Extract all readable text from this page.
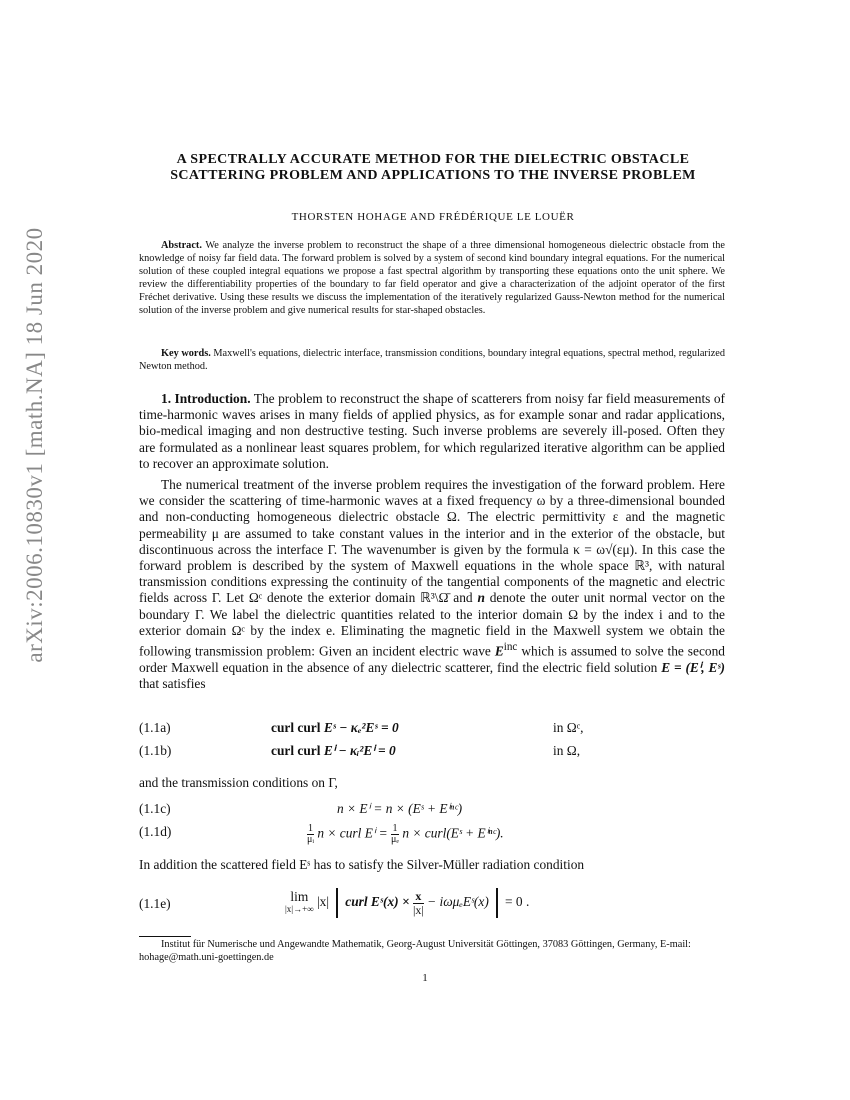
arXiv:2006.10830v1 [math.NA] 18 Jun 2020
A SPECTRALLY ACCURATE METHOD FOR THE DIELECTRIC OBSTACLE SCATTERING PROBLEM AND APPLICATIONS TO THE INVERSE PROBLEM
THORSTEN HOHAGE AND FRÉDÉRIQUE LE LOUËR
Abstract. We analyze the inverse problem to reconstruct the shape of a three dimensional homogeneous dielectric obstacle from the knowledge of noisy far field data. The forward problem is solved by a system of second kind boundary integral equations. For the numerical solution of these coupled integral equations we propose a fast spectral algorithm by transporting these equations onto the unit sphere. We review the differentiability properties of the boundary to far field operator and give a characterization of the adjoint operator of the first Fréchet derivative. Using these results we discuss the implementation of the iteratively regularized Gauss-Newton method for the numerical solution of the inverse problem and give numerical results for star-shaped obstacles.
Key words. Maxwell's equations, dielectric interface, transmission conditions, boundary integral equations, spectral method, regularized Newton method.
1. Introduction. The problem to reconstruct the shape of scatterers from noisy far field measurements of time-harmonic waves arises in many fields of applied physics, as for example sonar and radar applications, bio-medical imaging and non destructive testing. Such inverse problems are severely ill-posed. Often they are formulated as a nonlinear least squares problem, for which regularized iterative algorithm can be applied to recover an approximate solution.
The numerical treatment of the inverse problem requires the investigation of the forward problem. Here we consider the scattering of time-harmonic waves at a fixed frequency ω by a three-dimensional bounded and non-conducting homogeneous dielectric obstacle Ω. The electric permittivity ε and the magnetic permeability μ are assumed to take constant values in the interior and in the exterior of the obstacle, but discontinuous across the interface Γ. The wavenumber is given by the formula κ = ω√(εμ). In this case the forward problem is described by the system of Maxwell equations in the whole space ℝ³, with natural transmission conditions expressing the continuity of the tangential components of the magnetic and electric fields across Γ. Let Ωᶜ denote the exterior domain ℝ³\Ω̄ and n denote the outer unit normal vector on the boundary Γ. We label the dielectric quantities related to the interior domain Ω by the index i and to the exterior domain Ωᶜ by the index e. Eliminating the magnetic field in the Maxwell system we obtain the following transmission problem: Given an incident electric wave $E^{inc}$ which is assumed to solve the second order Maxwell equation in the absence of any dielectric scatterer, find the electric field solution E = (Eⁱ, Eˢ) that satisfies
(1.1a)	curl curl Eˢ − κₑ²Eˢ = 0	in Ωᶜ,
(1.1b)	curl curl Eⁱ − κᵢ²Eⁱ = 0	in Ω,
and the transmission conditions on Γ,
(1.1c)	n × Eⁱ = n × (Eˢ + Eⁱⁿᶜ)
(1.1d)	$\frac{1}{\text{μᵢ}}$ n × curl $E^i = \frac{1}{\text{μₑ}}$ n × curl(Eˢ + Eⁱⁿᶜ).
In addition the scattered field Eˢ has to satisfy the Silver-Müller radiation condition
(1.1e)	lim
|x|→+∞ |x| curl Eˢ(x) × $\frac{x}{|x|}$ − iωμₑEˢ(x) = 0 .
Institut für Numerische und Angewandte Mathematik, Georg-August Universität Göttingen, 37083 Göttingen, Germany, E-mail: hohage@math.uni-goettingen.de
1
